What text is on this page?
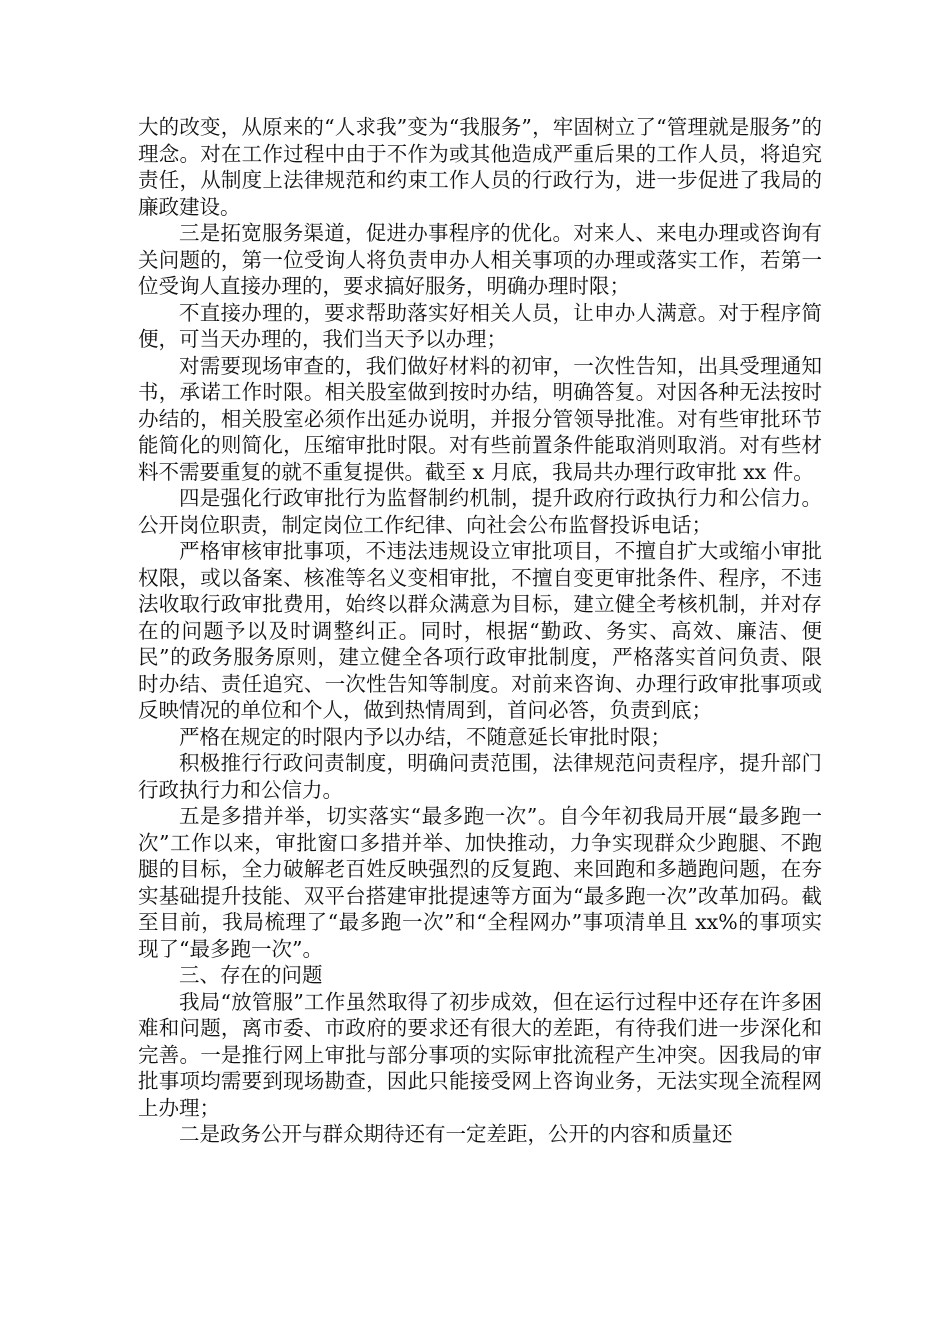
大的改变，从原来的“人求我”变为“我服务”，牢固树立了“管理就是服务”的理念。对在工作过程中由于不作为或其他造成严重后果的工作人员，将追究责任，从制度上法律规范和约束工作人员的行政行为，进一步促进了我局的廉政建设。

三是拓宽服务渠道，促进办事程序的优化。对来人、来电办理或咨询有关问题的，第一位受询人将负责申办人相关事项的办理或落实工作，若第一位受询人直接办理的，要求搞好服务，明确办理时限；

不直接办理的，要求帮助落实好相关人员，让申办人满意。对于程序简便，可当天办理的，我们当天予以办理；

对需要现场审查的，我们做好材料的初审，一次性告知，出具受理通知书，承诺工作时限。相关股室做到按时办结，明确答复。对因各种无法按时办结的，相关股室必须作出延办说明，并报分管领导批准。对有些审批环节能简化的则简化，压缩审批时限。对有些前置条件能取消则取消。对有些材料不需要重复的就不重复提供。截至 x 月底，我局共办理行政审批 xx 件。

四是强化行政审批行为监督制约机制，提升政府行政执行力和公信力。公开岗位职责，制定岗位工作纪律、向社会公布监督投诉电话；

严格审核审批事项，不违法违规设立审批项目，不擅自扩大或缩小审批权限，或以备案、核准等名义变相审批，不擅自变更审批条件、程序，不违法收取行政审批费用，始终以群众满意为目标，建立健全考核机制，并对存在的问题予以及时调整纠正。同时，根据“勤政、务实、高效、廉洁、便民”的政务服务原则，建立健全各项行政审批制度，严格落实首问负责、限时办结、责任追究、一次性告知等制度。对前来咨询、办理行政审批事项或反映情况的单位和个人，做到热情周到，首问必答，负责到底；

严格在规定的时限内予以办结，不随意延长审批时限；

积极推行行政问责制度，明确问责范围，法律规范问责程序，提升部门行政执行力和公信力。

五是多措并举，切实落实“最多跑一次”。自今年初我局开展“最多跑一次”工作以来，审批窗口多措并举、加快推动，力争实现群众少跑腿、不跑腿的目标，全力破解老百姓反映强烈的反复跑、来回跑和多趟跑问题，在夯实基础提升技能、双平台搭建审批提速等方面为“最多跑一次”改革加码。截至目前，我局梳理了“最多跑一次”和“全程网办”事项清单且 xx%的事项实现了“最多跑一次”。

三、存在的问题

我局“放管服”工作虽然取得了初步成效，但在运行过程中还存在许多困难和问题，离市委、市政府的要求还有很大的差距，有待我们进一步深化和完善。一是推行网上审批与部分事项的实际审批流程产生冲突。因我局的审批事项均需要到现场勘查，因此只能接受网上咨询业务，无法实现全流程网上办理；

二是政务公开与群众期待还有一定差距，公开的内容和质量还
